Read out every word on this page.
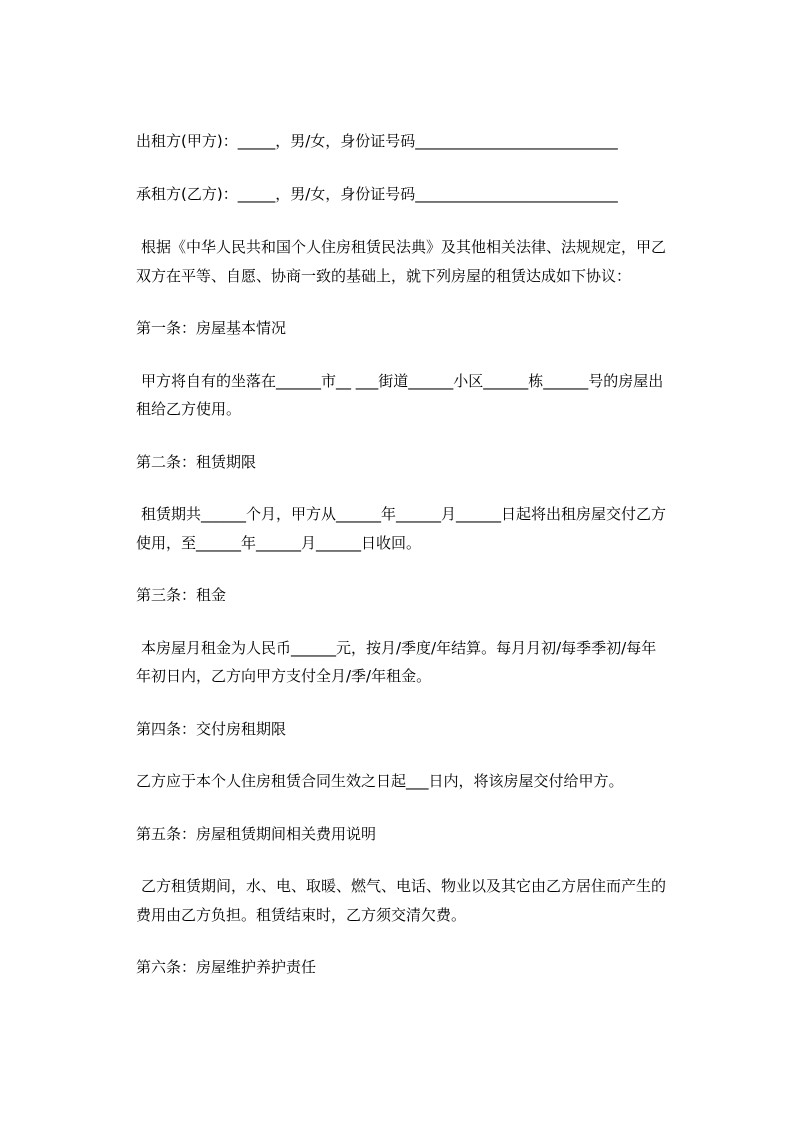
出租方(甲方)：_____，男/女，身份证号码___________________________
承租方(乙方)：_____，男/女，身份证号码___________________________
根据《中华人民共和国个人住房租赁民法典》及其他相关法律、法规规定，甲乙
双方在平等、自愿、协商一致的基础上，就下列房屋的租赁达成如下协议：
第一条：房屋基本情况
甲方将自有的坐落在______市__ ___街道______小区______栋______号的房屋出
租给乙方使用。
第二条：租赁期限
租赁期共______个月，甲方从______年______月______日起将出租房屋交付乙方
使用，至______年______月______日收回。
第三条：租金
本房屋月租金为人民币______元，按月/季度/年结算。每月月初/每季季初/每年
年初日内，乙方向甲方支付全月/季/年租金。
第四条：交付房租期限
乙方应于本个人住房租赁合同生效之日起___日内，将该房屋交付给甲方。
第五条：房屋租赁期间相关费用说明
乙方租赁期间，水、电、取暖、燃气、电话、物业以及其它由乙方居住而产生的
费用由乙方负担。租赁结束时，乙方须交清欠费。
第六条：房屋维护养护责任
